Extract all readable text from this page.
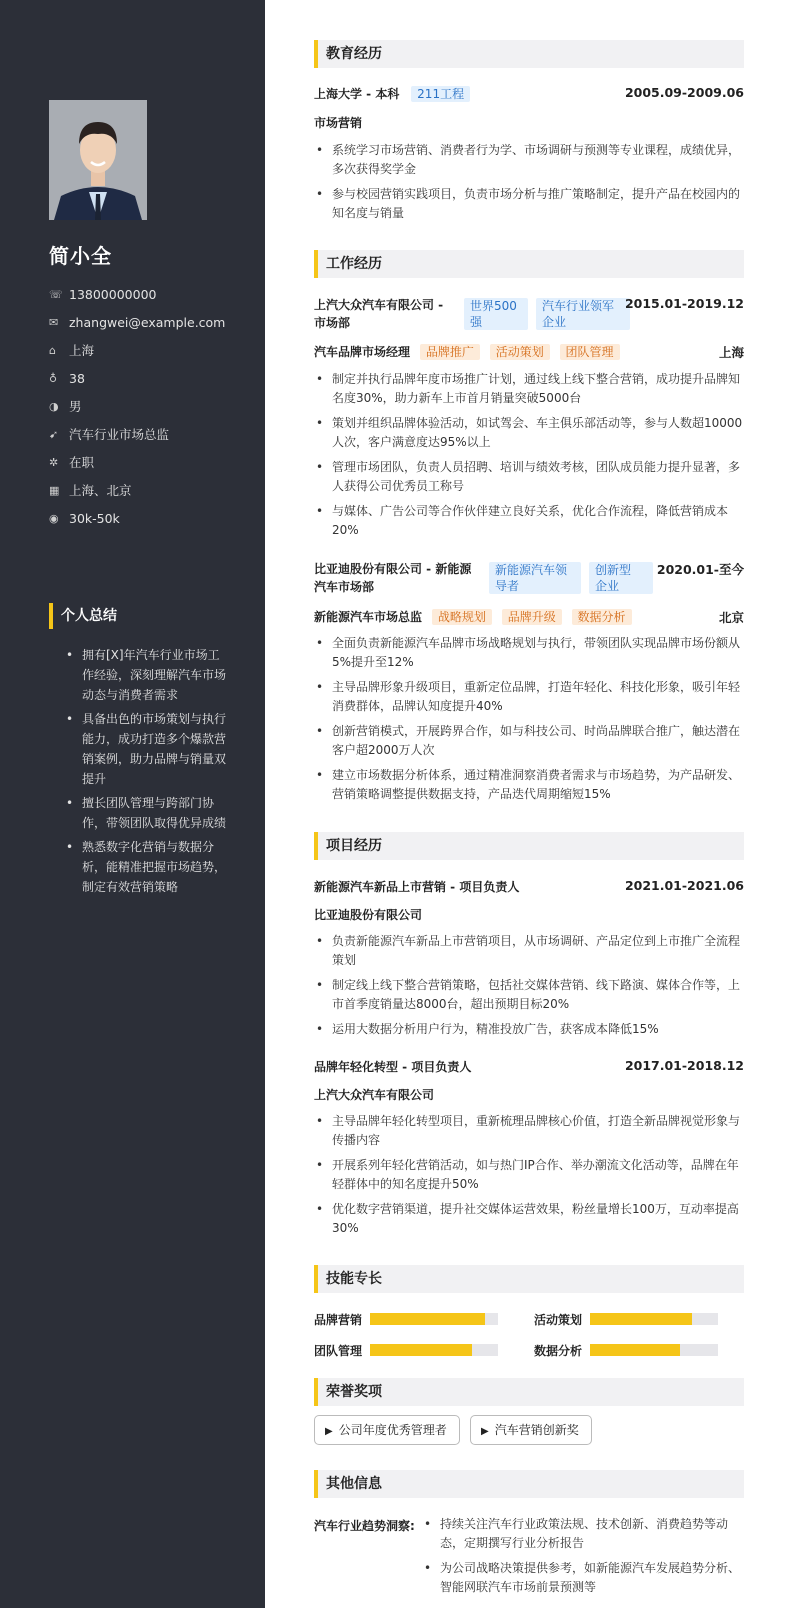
简小全
☏ 13800000000
✉ zhangwei@example.com
⌂	上海
♁ 38
◑ 男
➹ 汽车行业市场总监
✲ 在职
▦ 上海、北京
◉ 30k-50k
个人总结
• 拥有[X]年汽车行业市场工作经验，深刻理解汽车市场动态与消费者需求
• 具备出色的市场策划与执行能力，成功打造多个爆款营销案例，助力品牌与销量双提升
• 擅长团队管理与跨部门协作，带领团队取得优异成绩
• 熟悉数字化营销与数据分析，能精准把握市场趋势，制定有效营销策略
教育经历
上海大学 - 本科 211工程	2005.09-2009.06
市场营销
• 系统学习市场营销、消费者行为学、市场调研与预测等专业课程，成绩优异，多次获得奖学金
• 参与校园营销实践项目，负责市场分析与推广策略制定，提升产品在校园内的知名度与销量
工作经历
上汽大众汽车有限公司 -
市场部
世界500
强
汽车行业领军
企业
2015.01-2019.12
汽车品牌市场经理 品牌推广 活动策划 团队管理	上海
• 制定并执行品牌年度市场推广计划，通过线上线下整合营销，成功提升品牌知名度30%，助力新车上市首月销量突破5000台
• 策划并组织品牌体验活动，如试驾会、车主俱乐部活动等，参与人数超10000人次，客户满意度达95%以上
• 管理市场团队，负责人员招聘、培训与绩效考核，团队成员能力提升显著，多人获得公司优秀员工称号
• 与媒体、广告公司等合作伙伴建立良好关系，优化合作流程，降低营销成本20%
比亚迪股份有限公司 - 新能源
汽车市场部
新能源汽车领
导者
创新型
企业
2020.01-至今
新能源汽车市场总监 战略规划 品牌升级 数据分析	北京
• 全面负责新能源汽车品牌市场战略规划与执行，带领团队实现品牌市场份额从5%提升至12%
• 主导品牌形象升级项目，重新定位品牌，打造年轻化、科技化形象，吸引年轻消费群体，品牌认知度提升40%
• 创新营销模式，开展跨界合作，如与科技公司、时尚品牌联合推广，触达潜在客户超2000万人次
• 建立市场数据分析体系，通过精准洞察消费者需求与市场趋势，为产品研发、营销策略调整提供数据支持，产品迭代周期缩短15%
项目经历
新能源汽车新品上市营销 - 项目负责人	2021.01-2021.06
比亚迪股份有限公司
• 负责新能源汽车新品上市营销项目，从市场调研、产品定位到上市推广全流程策划
• 制定线上线下整合营销策略，包括社交媒体营销、线下路演、媒体合作等，上市首季度销量达8000台，超出预期目标20%
• 运用大数据分析用户行为，精准投放广告，获客成本降低15%
品牌年轻化转型 - 项目负责人	2017.01-2018.12
上汽大众汽车有限公司
• 主导品牌年轻化转型项目，重新梳理品牌核心价值，打造全新品牌视觉形象与传播内容
• 开展系列年轻化营销活动，如与热门IP合作、举办潮流文化活动等，品牌在年轻群体中的知名度提升50%
• 优化数字营销渠道，提升社交媒体运营效果，粉丝量增长100万，互动率提高30%
技能专长
品牌营销	活动策划
团队管理	数据分析
荣誉奖项
▶ 公司年度优秀管理者	▶ 汽车营销创新奖
其他信息
汽车行业趋势洞察:
•	持续关注汽车行业政策法规、技术创新、消费趋势等动态，定期撰写行业分析报告
• 为公司战略决策提供参考，如新能源汽车发展趋势分析、智能网联汽车市场前景预测等
